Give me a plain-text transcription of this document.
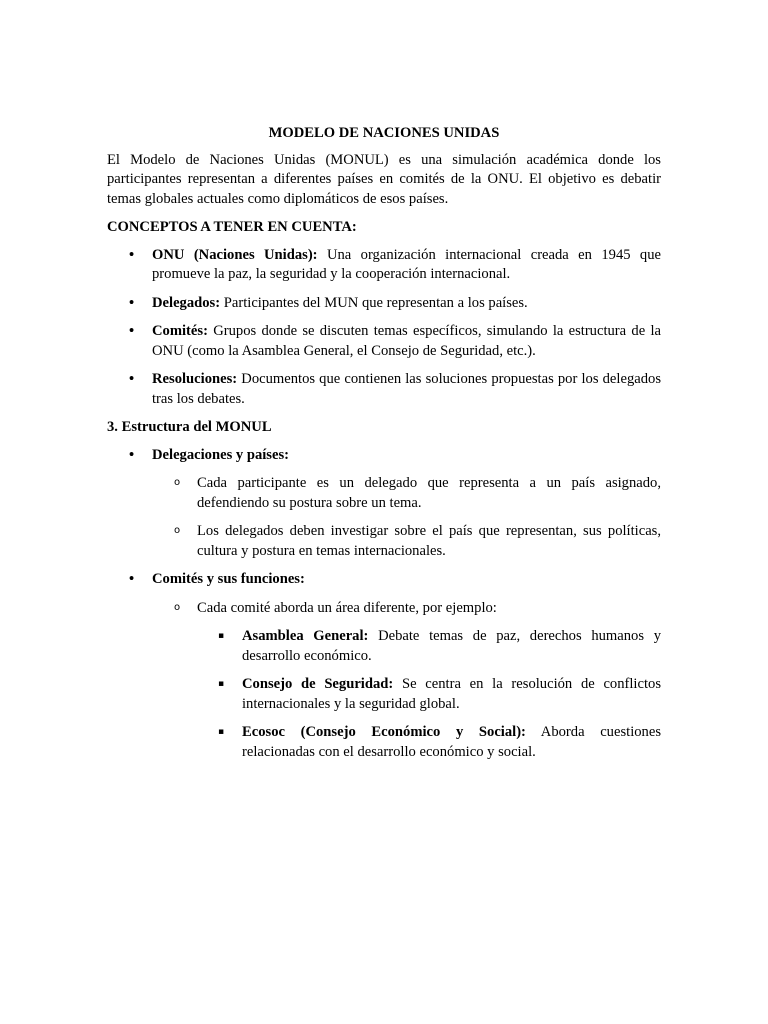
MODELO DE NACIONES UNIDAS

El Modelo de Naciones Unidas (MONUL) es una simulación académica donde los participantes representan a diferentes países en comités de la ONU. El objetivo es debatir temas globales actuales como diplomáticos de esos países.

CONCEPTOS A TENER EN CUENTA:
• ONU (Naciones Unidas): Una organización internacional creada en 1945 que promueve la paz, la seguridad y la cooperación internacional.
• Delegados: Participantes del MUN que representan a los países.
• Comités: Grupos donde se discuten temas específicos, simulando la estructura de la ONU (como la Asamblea General, el Consejo de Seguridad, etc.).
• Resoluciones: Documentos que contienen las soluciones propuestas por los delegados tras los debates.
3. Estructura del MONUL
• Delegaciones y países:
o Cada participante es un delegado que representa a un país asignado, defendiendo su postura sobre un tema.
o Los delegados deben investigar sobre el país que representan, sus políticas, cultura y postura en temas internacionales.
• Comités y sus funciones:
o Cada comité aborda un área diferente, por ejemplo:
▪ Asamblea General: Debate temas de paz, derechos humanos y desarrollo económico.
▪ Consejo de Seguridad: Se centra en la resolución de conflictos internacionales y la seguridad global.
▪ Ecosoc (Consejo Económico y Social): Aborda cuestiones relacionadas con el desarrollo económico y social.
